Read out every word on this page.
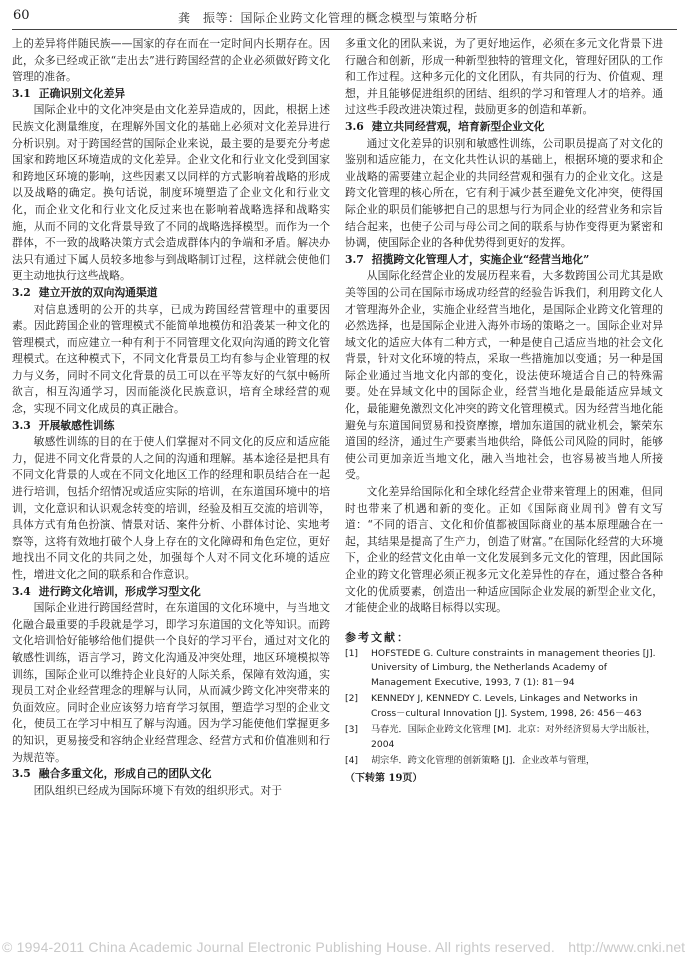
60	龚　振等：国际企业跨文化管理的概念模型与策略分析

上的差异将伴随民族——国家的存在而在一定时间内长期存在。因此，众多已经或正欲“走出去”进行跨国经营的企业必须做好跨文化管理的准备。

3.1 正确识别文化差异

国际企业中的文化冲突是由文化差异造成的，因此，根据上述民族文化测量维度，在理解外国文化的基础上必须对文化差异进行分析识别。对于跨国经营的国际企业来说，最主要的是要充分考虑国家和跨地区环境造成的文化差异。企业文化和行业文化受到国家和跨地区环境的影响，这些因素又以同样的方式影响着战略的形成以及战略的确定。换句话说，制度环境塑造了企业文化和行业文化，而企业文化和行业文化反过来也在影响着战略选择和战略实施，从而不同的文化背景导致了不同的战略选择模型。而作为一个群体，不一致的战略决策方式会造成群体内的争端和矛盾。解决办法只有通过下属人员较多地参与到战略制订过程，这样就会使他们更主动地执行这些战略。

3.2 建立开放的双向沟通渠道

对信息透明的公开的共享，已成为跨国经营管理中的重要因素。因此跨国企业的管理模式不能简单地模仿和沿袭某一种文化的管理模式，而应建立一种有利于不同管理文化双向沟通的跨文化管理模式。在这种模式下，不同文化背景员工均有参与企业管理的权力与义务，同时不同文化背景的员工可以在平等友好的气氛中畅所欲言，相互沟通学习，因而能淡化民族意识，培育全球经营的观念，实现不同文化成员的真正融合。

3.3 开展敏感性训练

敏感性训练的目的在于使人们掌握对不同文化的反应和适应能力，促进不同文化背景的人之间的沟通和理解。基本途径是把具有不同文化背景的人或在不同文化地区工作的经理和职员结合在一起进行培训，包括介绍情况或适应实际的培训，在东道国环境中的培训，文化意识和认识观念转变的培训，经验及相互交流的培训等，具体方式有角色扮演、情景对话、案件分析、小群体讨论、实地考察等，这将有效地打破个人身上存在的文化障碍和角色定位，更好地找出不同文化的共同之处，加强每个人对不同文化环境的适应性，增进文化之间的联系和合作意识。

3.4 进行跨文化培训，形成学习型文化

国际企业进行跨国经营时，在东道国的文化环境中，与当地文化融合最重要的手段就是学习，即学习东道国的文化等知识。而跨文化培训恰好能够给他们提供一个良好的学习平台，通过对文化的敏感性训练，语言学习，跨文化沟通及冲突处理，地区环境模拟等训练，国际企业可以维持企业良好的人际关系，保障有效沟通，实现员工对企业经营理念的理解与认同，从而减少跨文化冲突带来的负面效应。同时企业应该努力培育学习氛围，塑造学习型的企业文化，使员工在学习中相互了解与沟通。因为学习能使他们掌握更多的知识，更易接受和容纳企业经营理念、经营方式和价值准则和行为规范等。

3.5 融合多重文化，形成自己的团队文化

团队组织已经成为国际环境下有效的组织形式。对于

多重文化的团队来说，为了更好地运作，必须在多元文化背景下进行融合和创新，形成一种新型独特的管理文化，管理好团队的工作和工作过程。这种多元化的文化团队，有共同的行为、价值观、理想，并且能够促进组织的团结、组织的学习和管理人才的培养。通过这些手段改进决策过程，鼓励更多的创造和革新。

3.6 建立共同经营观，培育新型企业文化

通过文化差异的识别和敏感性训练，公司职员提高了对文化的鉴别和适应能力，在文化共性认识的基础上，根据环境的要求和企业战略的需要建立起企业的共同经营观和强有力的企业文化。这是跨文化管理的核心所在，它有利于减少甚至避免文化冲突，使得国际企业的职员们能够把自己的思想与行为同企业的经营业务和宗旨结合起来，也使子公司与母公司之间的联系与协作变得更为紧密和协调，使国际企业的各种优势得到更好的发挥。

3.7 招揽跨文化管理人才，实施企业“经营当地化”

从国际化经营企业的发展历程来看，大多数跨国公司尤其是欧美等国的公司在国际市场成功经营的经验告诉我们，利用跨文化人才管理海外企业，实施企业经营当地化，是国际企业跨文化管理的必然选择，也是国际企业进入海外市场的策略之一。国际企业对异域文化的适应大体有二种方式，一种是使自己适应当地的社会文化背景，针对文化环境的特点，采取一些措施加以变通；另一种是国际企业通过当地文化内部的变化，设法使环境适合自己的特殊需要。处在异域文化中的国际企业，经营当地化是最能适应异域文化，最能避免激烈文化冲突的跨文化管理模式。因为经营当地化能避免与东道国间贸易和投资摩擦，增加东道国的就业机会，繁荣东道国的经济，通过生产要素当地供给，降低公司风险的同时，能够使公司更加亲近当地文化，融入当地社会，也容易被当地人所接受。

文化差异给国际化和全球化经营企业带来管理上的困难，但同时也带来了机遇和新的变化。正如《国际商业周刊》曾有文写道：“不同的语言、文化和价值都被国际商业的基本原理融合在一起，其结果是提高了生产力，创造了财富。”在国际化经营的大环境下，企业的经营文化由单一文化发展到多元文化的管理，因此国际企业的跨文化管理必须正视多元文化差异性的存在，通过整合各种文化的优质要素，创造出一种适应国际企业发展的新型企业文化，才能使企业的战略目标得以实现。

参考文献：
[1]	HOFSTEDE G. Culture constraints in management theories [J]. University of Limburg, the Netherlands Academy of Management Executive, 1993, 7 (1): 81－94
[2]	KENNEDY J, KENNEDY C. Levels, Linkages and Networks in Cross－cultural Innovation [J]. System, 1998, 26: 456－463
[3]	马春光．国际企业跨文化管理 [M]．北京：对外经济贸易大学出版社，2004
[4]	胡宗华．跨文化管理的创新策略 [J]．企业改革与管理，
（下转第 19页）
© 1994-2011 China Academic Journal Electronic Publishing House. All rights reserved. http://www.cnki.net
